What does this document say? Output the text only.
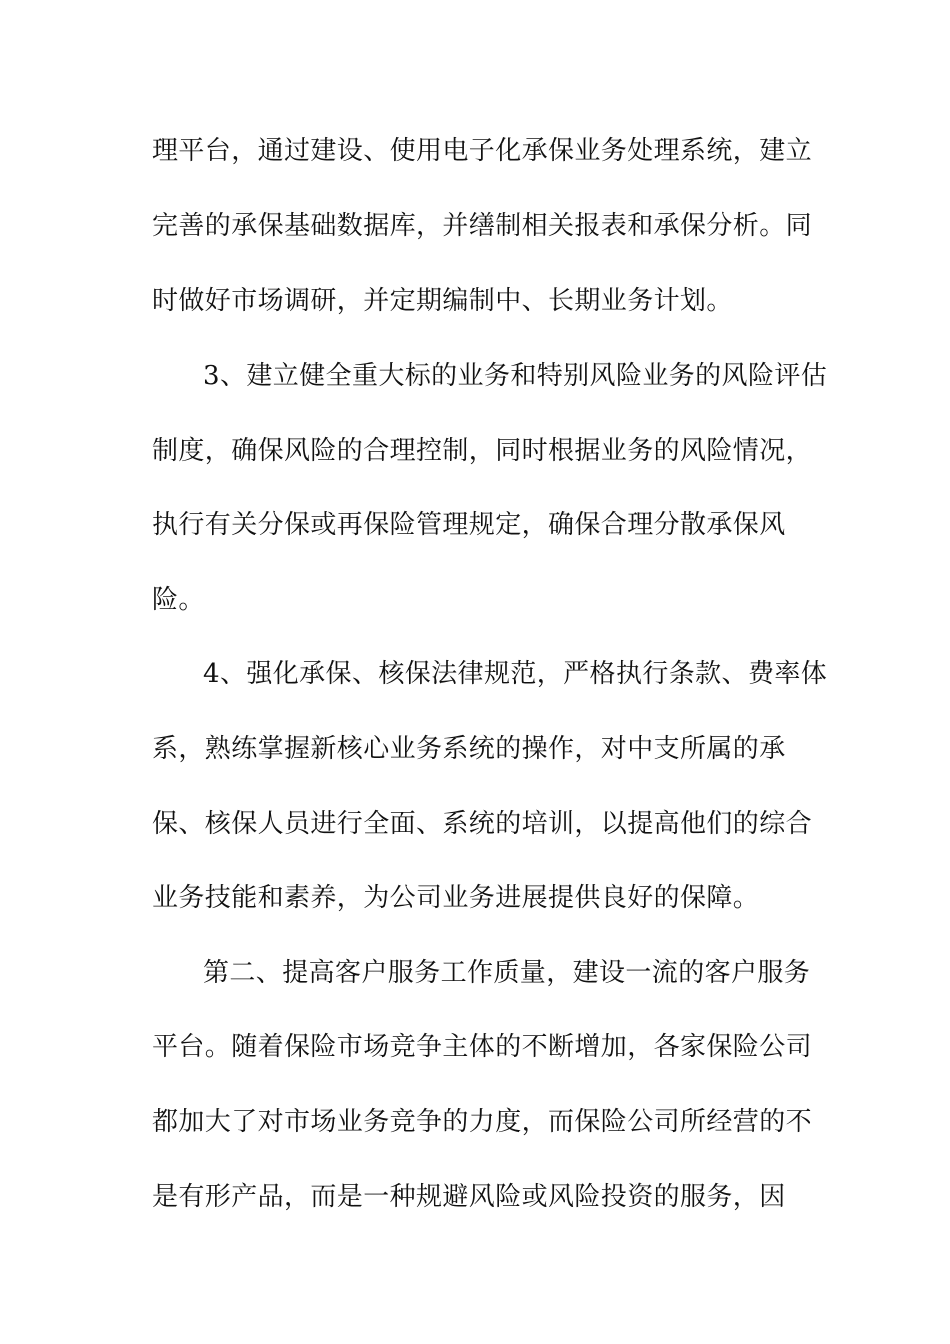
理平台，通过建设、使用电子化承保业务处理系统，建立
完善的承保基础数据库，并缮制相关报表和承保分析。同
时做好市场调研，并定期编制中、长期业务计划。
3、建立健全重大标的业务和特别风险业务的风险评估
制度，确保风险的合理控制，同时根据业务的风险情况，
执行有关分保或再保险管理规定，确保合理分散承保风
险。
4、强化承保、核保法律规范，严格执行条款、费率体
系，熟练掌握新核心业务系统的操作，对中支所属的承
保、核保人员进行全面、系统的培训，以提高他们的综合
业务技能和素养，为公司业务进展提供良好的保障。
第二、提高客户服务工作质量，建设一流的客户服务
平台。随着保险市场竞争主体的不断增加，各家保险公司
都加大了对市场业务竞争的力度，而保险公司所经营的不
是有形产品，而是一种规避风险或风险投资的服务，因
